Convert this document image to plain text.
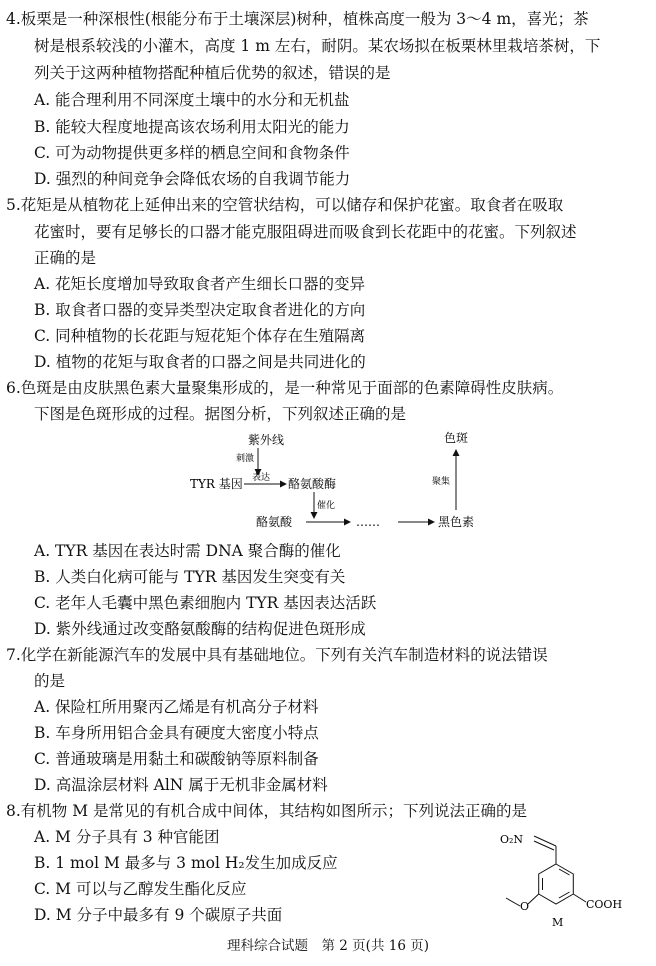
4.板栗是一种深根性(根能分布于土壤深层)树种，植株高度一般为 3～4 m，喜光；茶
树是根系较浅的小灌木，高度 1 m 左右，耐阴。某农场拟在板栗林里栽培茶树，下
列关于这两种植物搭配种植后优势的叙述，错误的是
A. 能合理利用不同深度土壤中的水分和无机盐
B. 能较大程度地提高该农场利用太阳光的能力
C. 可为动物提供更多样的栖息空间和食物条件
D. 强烈的种间竞争会降低农场的自我调节能力
5.花矩是从植物花上延伸出来的空管状结构，可以储存和保护花蜜。取食者在吸取
花蜜时，要有足够长的口器才能克服阻碍进而吸食到长花距中的花蜜。下列叙述
正确的是
A. 花矩长度增加导致取食者产生细长口器的变异
B. 取食者口器的变异类型决定取食者进化的方向
C. 同种植物的长花距与短花矩个体存在生殖隔离
D. 植物的花矩与取食者的口器之间是共同进化的
6.色斑是由皮肤黑色素大量聚集形成的，是一种常见于面部的色素障碍性皮肤病。
下图是色斑形成的过程。据图分析，下列叙述正确的是
紫外线
刺激
TYR 基因 表达 酪氨酸酶
催化
酪氨酸	……	黑色素
聚集
色斑
A. TYR 基因在表达时需 DNA 聚合酶的催化
B. 人类白化病可能与 TYR 基因发生突变有关
C. 老年人毛囊中黑色素细胞内 TYR 基因表达活跃
D. 紫外线通过改变酪氨酸酶的结构促进色斑形成
7.化学在新能源汽车的发展中具有基础地位。下列有关汽车制造材料的说法错误
的是
A. 保险杠所用聚丙乙烯是有机高分子材料
B. 车身所用铝合金具有硬度大密度小特点
C. 普通玻璃是用黏土和碳酸钠等原料制备
D. 高温涂层材料 AlN 属于无机非金属材料
8.有机物 M 是常见的有机合成中间体，其结构如图所示；下列说法正确的是
A. M 分子具有 3 种官能团
B. 1 mol M 最多与 3 mol H₂发生加成反应
C. M 可以与乙醇发生酯化反应
D. M 分子中最多有 9 个碳原子共面
O₂N
O	COOH
M
理科综合试题　第 2 页(共 16 页)
